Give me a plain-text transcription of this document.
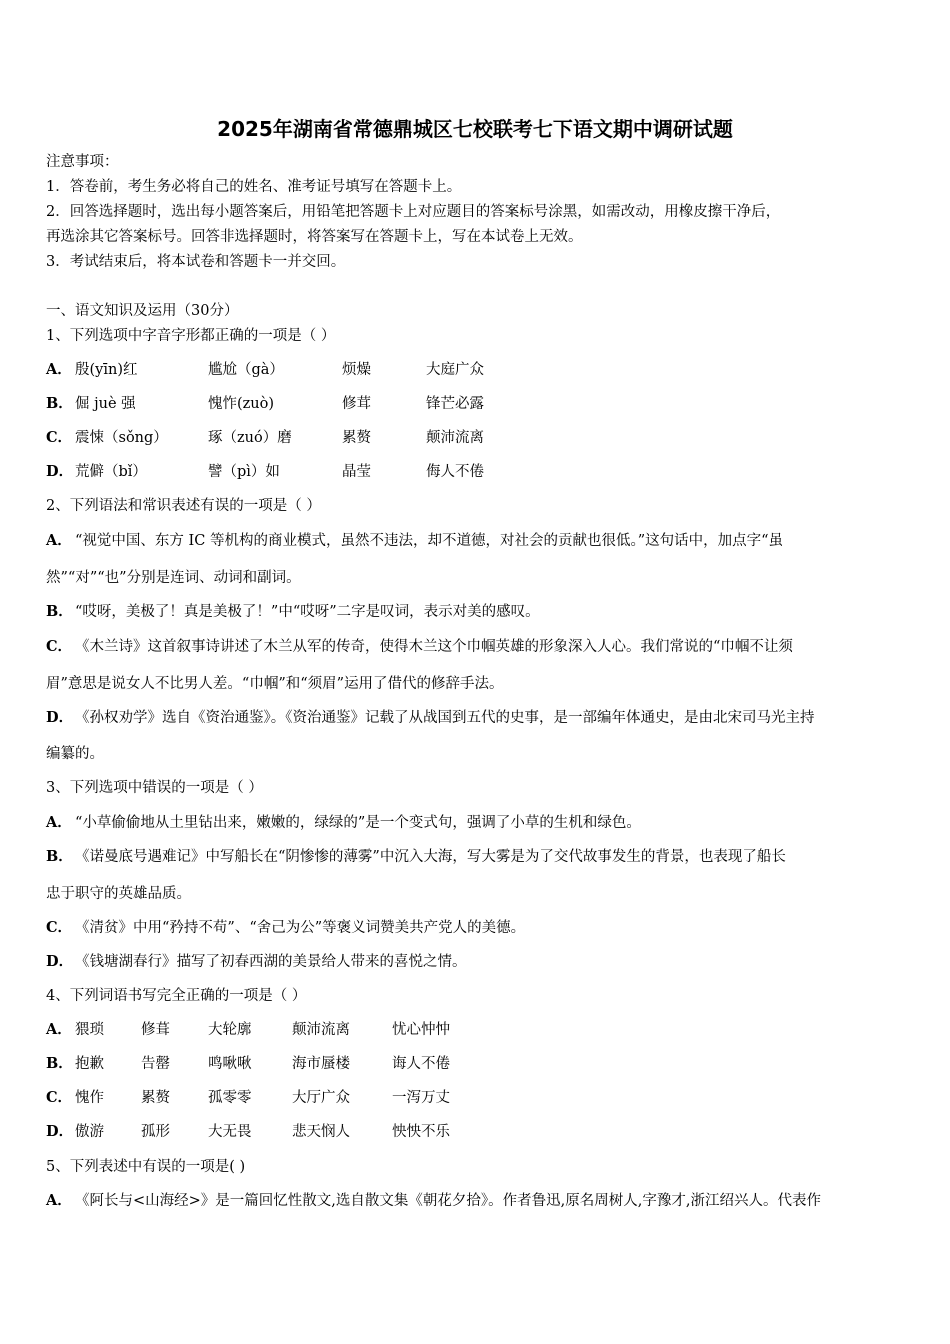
2025年湖南省常德鼎城区七校联考七下语文期中调研试题
注意事项：
1．答卷前，考生务必将自己的姓名、准考证号填写在答题卡上。
2．回答选择题时，选出每小题答案后，用铅笔把答题卡上对应题目的答案标号涂黑，如需改动，用橡皮擦干净后，
再选涂其它答案标号。回答非选择题时，将答案写在答题卡上，写在本试卷上无效。
3．考试结束后，将本试卷和答题卡一并交回。
一、语文知识及运用（30分）
1、下列选项中字音字形都正确的一项是（ ）
A． 殷(yīn)红	尴尬（gà）	烦燥	大庭广众
B． 倔 juè 强	愧怍(zuò)	修茸	锋芒必露
C． 震悚（sǒng）	琢（zuó）磨	累赘	颠沛流离
D． 荒僻（bǐ）	譬（pì）如	晶莹	侮人不倦
2、下列语法和常识表述有误的一项是（ ）
A． “视觉中国、东方 IC 等机构的商业模式，虽然不违法，却不道德，对社会的贡献也很低。”这句话中，加点字“虽
然”“对”“也”分别是连词、动词和副词。
B． “哎呀，美极了！真是美极了！”中“哎呀”二字是叹词，表示对美的感叹。
C． 《木兰诗》这首叙事诗讲述了木兰从军的传奇，使得木兰这个巾帼英雄的形象深入人心。我们常说的“巾帼不让须
眉”意思是说女人不比男人差。“巾帼”和“须眉”运用了借代的修辞手法。
D． 《孙权劝学》选自《资治通鉴》。《资治通鉴》记载了从战国到五代的史事，是一部编年体通史，是由北宋司马光主持
编纂的。
3、下列选项中错误的一项是（ ）
A． “小草偷偷地从土里钻出来，嫩嫩的，绿绿的”是一个变式句，强调了小草的生机和绿色。
B． 《诺曼底号遇难记》中写船长在“阴惨惨的薄雾”中沉入大海，写大雾是为了交代故事发生的背景，也表现了船长
忠于职守的英雄品质。
C． 《清贫》中用“矜持不苟”、“舍己为公”等褒义词赞美共产党人的美德。
D． 《钱塘湖春行》描写了初春西湖的美景给人带来的喜悦之情。
4、下列词语书写完全正确的一项是（ ）
A． 猥琐	修葺	大轮廓	颠沛流离	忧心忡忡
B． 抱歉	告罄	鸣啾啾	海市蜃楼	诲人不倦
C． 愧作	累赘	孤零零	大厅广众	一泻万丈
D． 傲游	孤形	大无畏	悲天悯人	怏怏不乐
5、下列表述中有误的一项是( )
A． 《阿长与<山海经>》是一篇回忆性散文,选自散文集《朝花夕拾》。作者鲁迅,原名周树人,字豫才,浙江绍兴人。代表作
